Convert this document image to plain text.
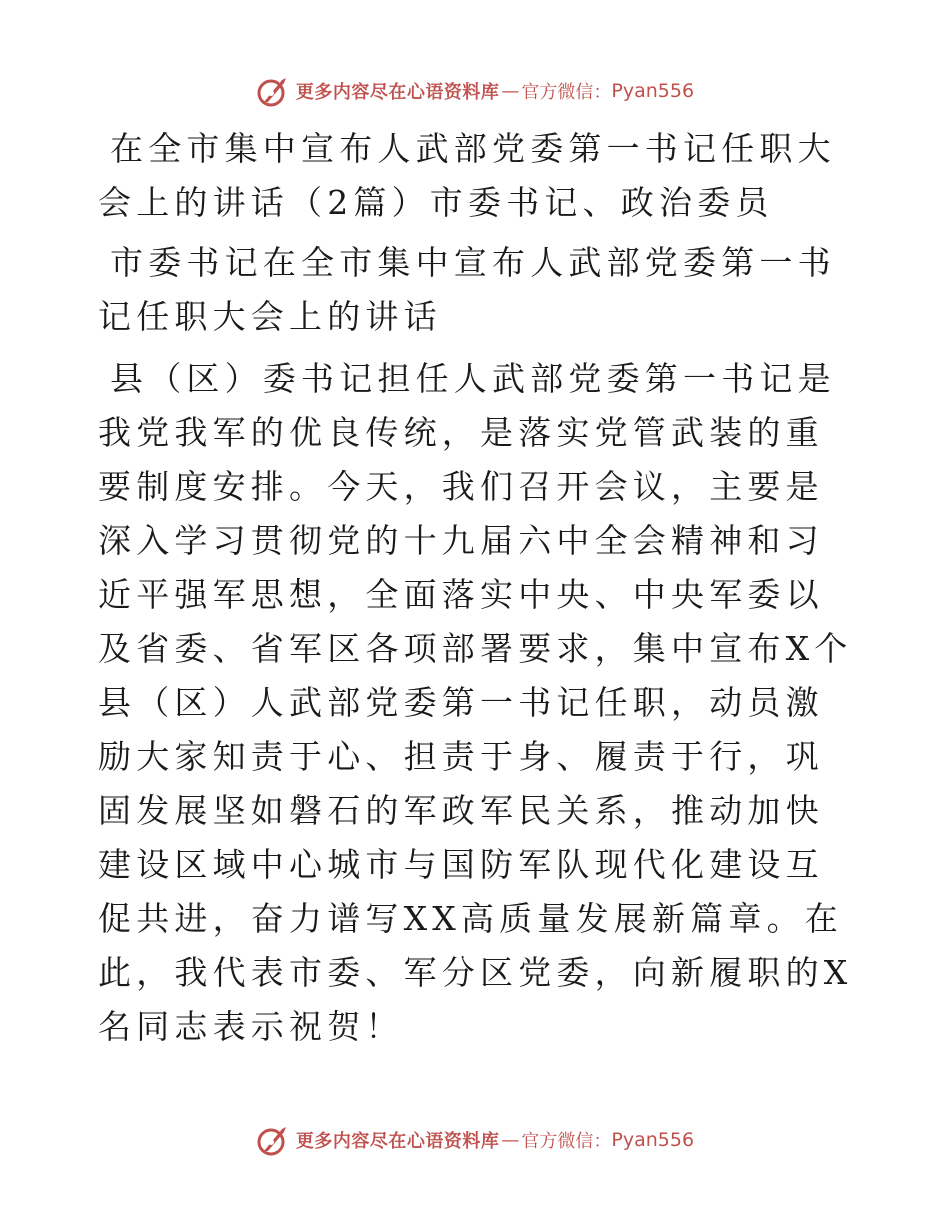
更多内容尽在心语资料库 — 官方微信： Pyan556

在全市集中宣布人武部党委第一书记任职大会上的讲话（2篇）市委书记、政治委员

市委书记在全市集中宣布人武部党委第一书记任职大会上的讲话

县（区）委书记担任人武部党委第一书记是我党我军的优良传统，是落实党管武装的重要制度安排。今天，我们召开会议，主要是深入学习贯彻党的十九届六中全会精神和习近平强军思想，全面落实中央、中央军委以及省委、省军区各项部署要求，集中宣布X个县（区）人武部党委第一书记任职，动员激励大家知责于心、担责于身、履责于行，巩固发展坚如磐石的军政军民关系，推动加快建设区域中心城市与国防军队现代化建设互促共进，奋力谱写XX高质量发展新篇章。在此，我代表市委、军分区党委，向新履职的X名同志表示祝贺！

更多内容尽在心语资料库 — 官方微信： Pyan556
